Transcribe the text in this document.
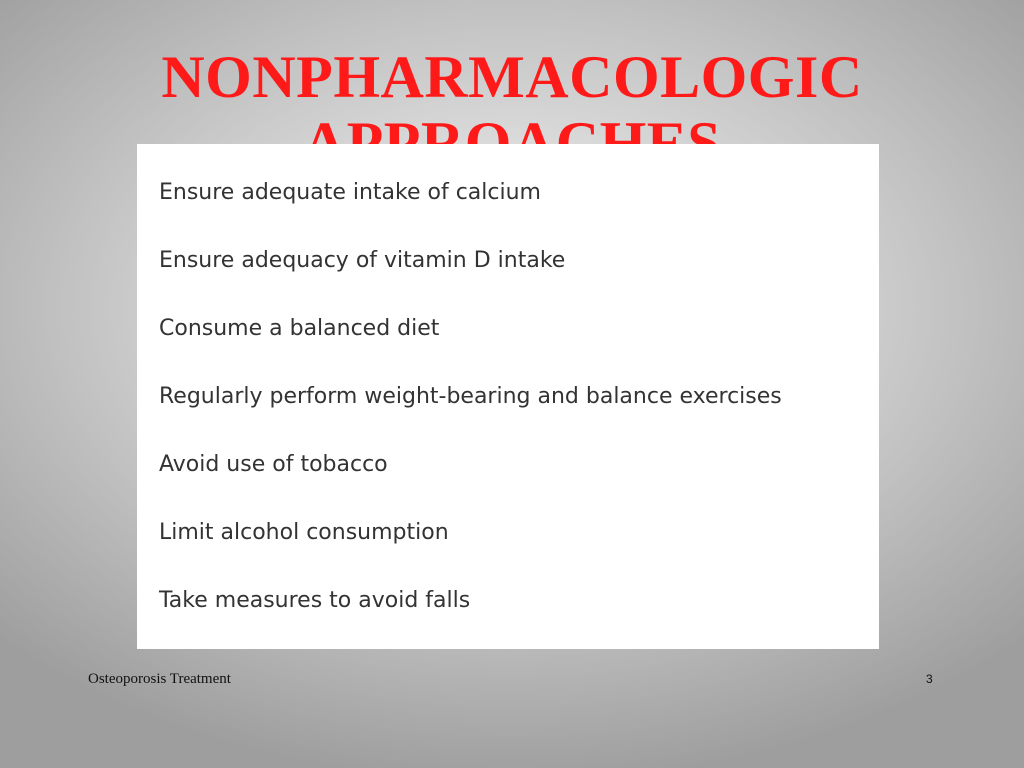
NONPHARMACOLOGIC

Ensure adequate intake of calcium
Ensure adequacy of vitamin D intake
Consume a balanced diet
Regularly perform weight-bearing and balance exercises
Avoid use of tobacco
Limit alcohol consumption
Take measures to avoid falls
Osteoporosis Treatment	3
